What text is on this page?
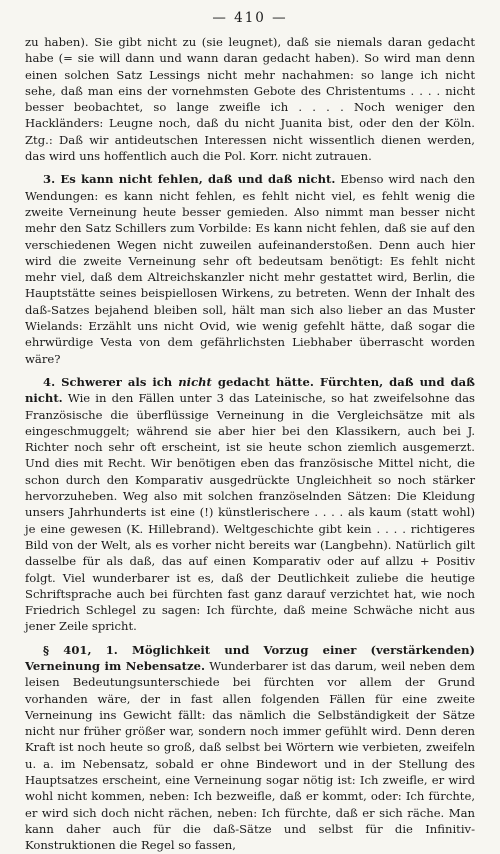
— 410 —

zu haben). Sie gibt nicht zu (sie leugnet), daß sie niemals daran gedacht habe (= sie will dann und wann daran gedacht haben). So wird man denn einen solchen Satz Lessings nicht mehr nachahmen: so lange ich nicht sehe, daß man eins der vornehmsten Gebote des Christentums . . . . nicht besser beobachtet, so lange zweifle ich . . . . Noch weniger den Hackländers: Leugne noch, daß du nicht Juanita bist, oder den der Köln. Ztg.: Daß wir antideutschen Interessen nicht wissentlich dienen werden, das wird uns hoffentlich auch die Pol. Korr. nicht zutrauen.

3. Es kann nicht fehlen, daß und daß nicht. Ebenso wird nach den Wendungen: es kann nicht fehlen, es fehlt nicht viel, es fehlt wenig die zweite Verneinung heute besser gemieden. Also nimmt man besser nicht mehr den Satz Schillers zum Vorbilde: Es kann nicht fehlen, daß sie auf den verschiedenen Wegen nicht zuweilen aufeinanderstoßen. Denn auch hier wird die zweite Verneinung sehr oft bedeutsam benötigt: Es fehlt nicht mehr viel, daß dem Altreichskanzler nicht mehr gestattet wird, Berlin, die Hauptstätte seines beispiellosen Wirkens, zu betreten. Wenn der Inhalt des daß-Satzes bejahend bleiben soll, hält man sich also lieber an das Muster Wielands: Erzählt uns nicht Ovid, wie wenig gefehlt hätte, daß sogar die ehrwürdige Vesta von dem gefährlichsten Liebhaber überrascht worden wäre?

4. Schwerer als ich nicht gedacht hätte. Fürchten, daß und daß nicht. Wie in den Fällen unter 3 das Lateinische, so hat zweifelsohne das Französische die überflüssige Verneinung in die Vergleichsätze mit als eingeschmuggelt; während sie aber hier bei den Klassikern, auch bei J. Richter noch sehr oft erscheint, ist sie heute schon ziemlich ausgemerzt. Und dies mit Recht. Wir benötigen eben das französische Mittel nicht, die schon durch den Komparativ ausgedrückte Ungleichheit so noch stärker hervorzuheben. Weg also mit solchen französelnden Sätzen: Die Kleidung unsers Jahrhunderts ist eine (!) künstlerischere . . . . als kaum (statt wohl) je eine gewesen (K. Hillebrand). Weltgeschichte gibt kein . . . . richtigeres Bild von der Welt, als es vorher nicht bereits war (Langbehn). Natürlich gilt dasselbe für als daß, das auf einen Komparativ oder auf allzu + Positiv folgt. Viel wunderbarer ist es, daß der Deutlichkeit zuliebe die heutige Schriftsprache auch bei fürchten fast ganz darauf verzichtet hat, wie noch Friedrich Schlegel zu sagen: Ich fürchte, daß meine Schwäche nicht aus jener Zeile spricht.

§ 401, 1. Möglichkeit und Vorzug einer (verstärkenden) Verneinung im Nebensatze. Wunderbarer ist das darum, weil neben dem leisen Bedeutungsunterschiede bei fürchten vor allem der Grund vorhanden wäre, der in fast allen folgenden Fällen für eine zweite Verneinung ins Gewicht fällt: das nämlich die Selbständigkeit der Sätze nicht nur früher größer war, sondern noch immer gefühlt wird. Denn deren Kraft ist noch heute so groß, daß selbst bei Wörtern wie verbieten, zweifeln u. a. im Nebensatz, sobald er ohne Bindewort und in der Stellung des Hauptsatzes erscheint, eine Verneinung sogar nötig ist: Ich zweifle, er wird wohl nicht kommen, neben: Ich bezweifle, daß er kommt, oder: Ich fürchte, er wird sich doch nicht rächen, neben: Ich fürchte, daß er sich räche. Man kann daher auch für die daß-Sätze und selbst für die Infinitiv-Konstruktionen die Regel so fassen,
